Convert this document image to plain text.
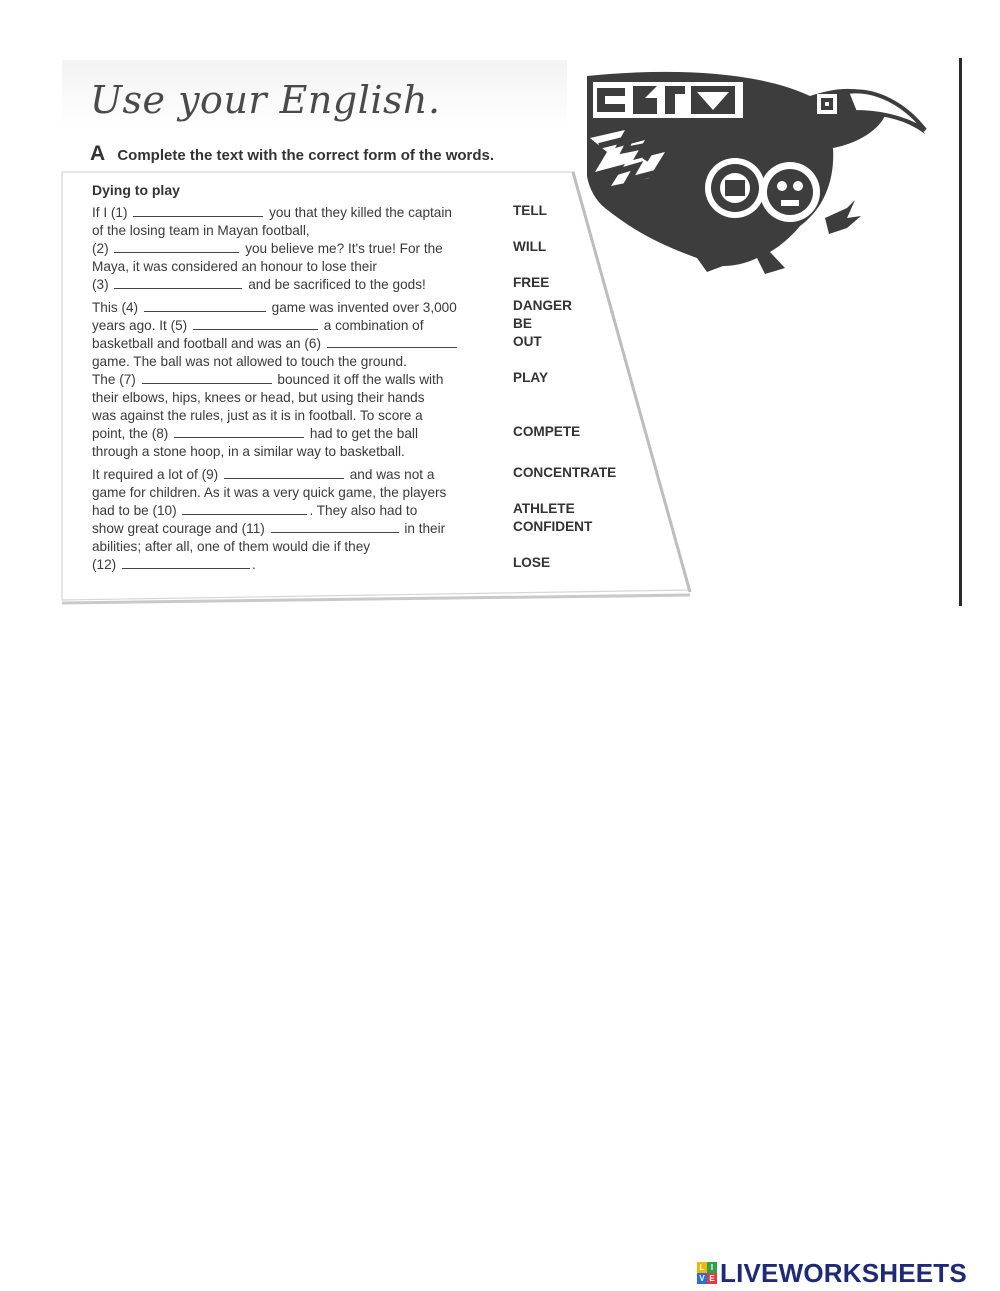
Use your English.
A Complete the text with the correct form of the words.
Dying to play
If I (1)	you that they killed the captain
of the losing team in Mayan football,
(2)	you believe me? It's true! For the
Maya, it was considered an honour to lose their
(3)	and be sacrificed to the gods!
This (4)	game was invented over 3,000
years ago. It (5)	a combination of
basketball and football and was an (6)
game. The ball was not allowed to touch the ground.
The (7)	bounced it off the walls with
their elbows, hips, knees or head, but using their hands
was against the rules, just as it is in football. To score a
point, the (8)	had to get the ball
through a stone hoop, in a similar way to basketball.
It required a lot of (9)	and was not a
game for children. As it was a very quick game, the players
had to be (10)	. They also had to
show great courage and (11)	in their
abilities; after all, one of them would die if they
(12)	.
TELL
WILL
FREE
DANGER
BE
OUT
PLAY
COMPETE
CONCENTRATE
ATHLETE
CONFIDENT
LOSE
L I
V E LIVEWORKSHEETS
